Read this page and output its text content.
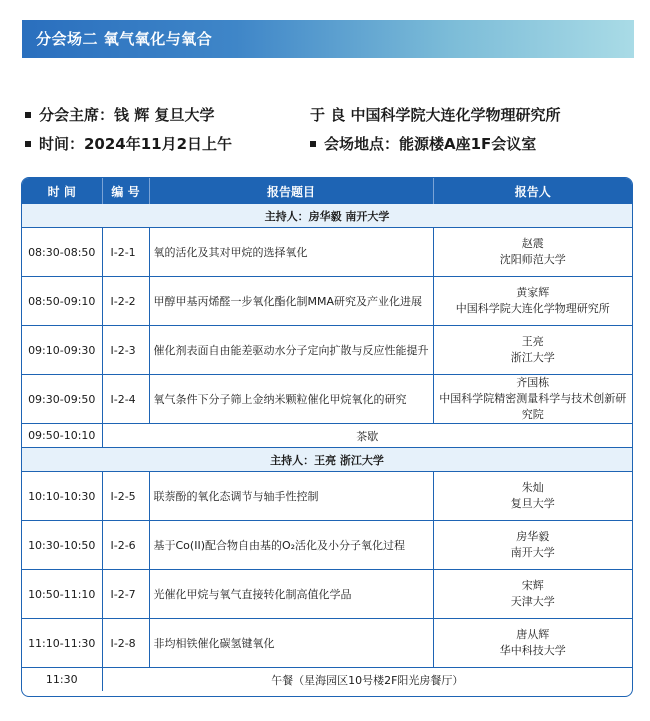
分会场二 氧气氧化与氧合
分会主席：钱 辉 复旦大学	于 良 中国科学院大连化学物理研究所
时间：2024年11月2日上午	会场地点：能源楼A座1F会议室
时 间	编 号	报告题目	报告人
主持人：房华毅 南开大学			
08:30-08:50	I-2-1	氧的活化及其对甲烷的选择氧化	赵震
沈阳师范大学

08:50-09:10	I-2-2	甲醇甲基丙烯醛一步氧化酯化制MMA研究及产业化进展	黄家辉
中国科学院大连化学物理研究所

09:10-09:30	I-2-3	催化剂表面自由能差驱动水分子定向扩散与反应性能提升	王亮
浙江大学

09:30-09:50	I-2-4	氧气条件下分子筛上金纳米颗粒催化甲烷氧化的研究	齐国栋
中国科学院精密测量科学与技术创新研究院

09:50-10:10	茶歇		
主持人：王亮 浙江大学			
10:10-10:30	I-2-5	联萘酚的氧化态调节与轴手性控制	朱灿
复旦大学

10:30-10:50	I-2-6	基于Co(II)配合物自由基的O₂活化及小分子氧化过程	房华毅
南开大学

10:50-11:10	I-2-7	光催化甲烷与氧气直接转化制高值化学品	宋辉
天津大学

11:10-11:30	I-2-8	非均相铁催化碳氢键氧化	唐从辉
华中科技大学

11:30	午餐（星海园区10号楼2F阳光房餐厅）		
